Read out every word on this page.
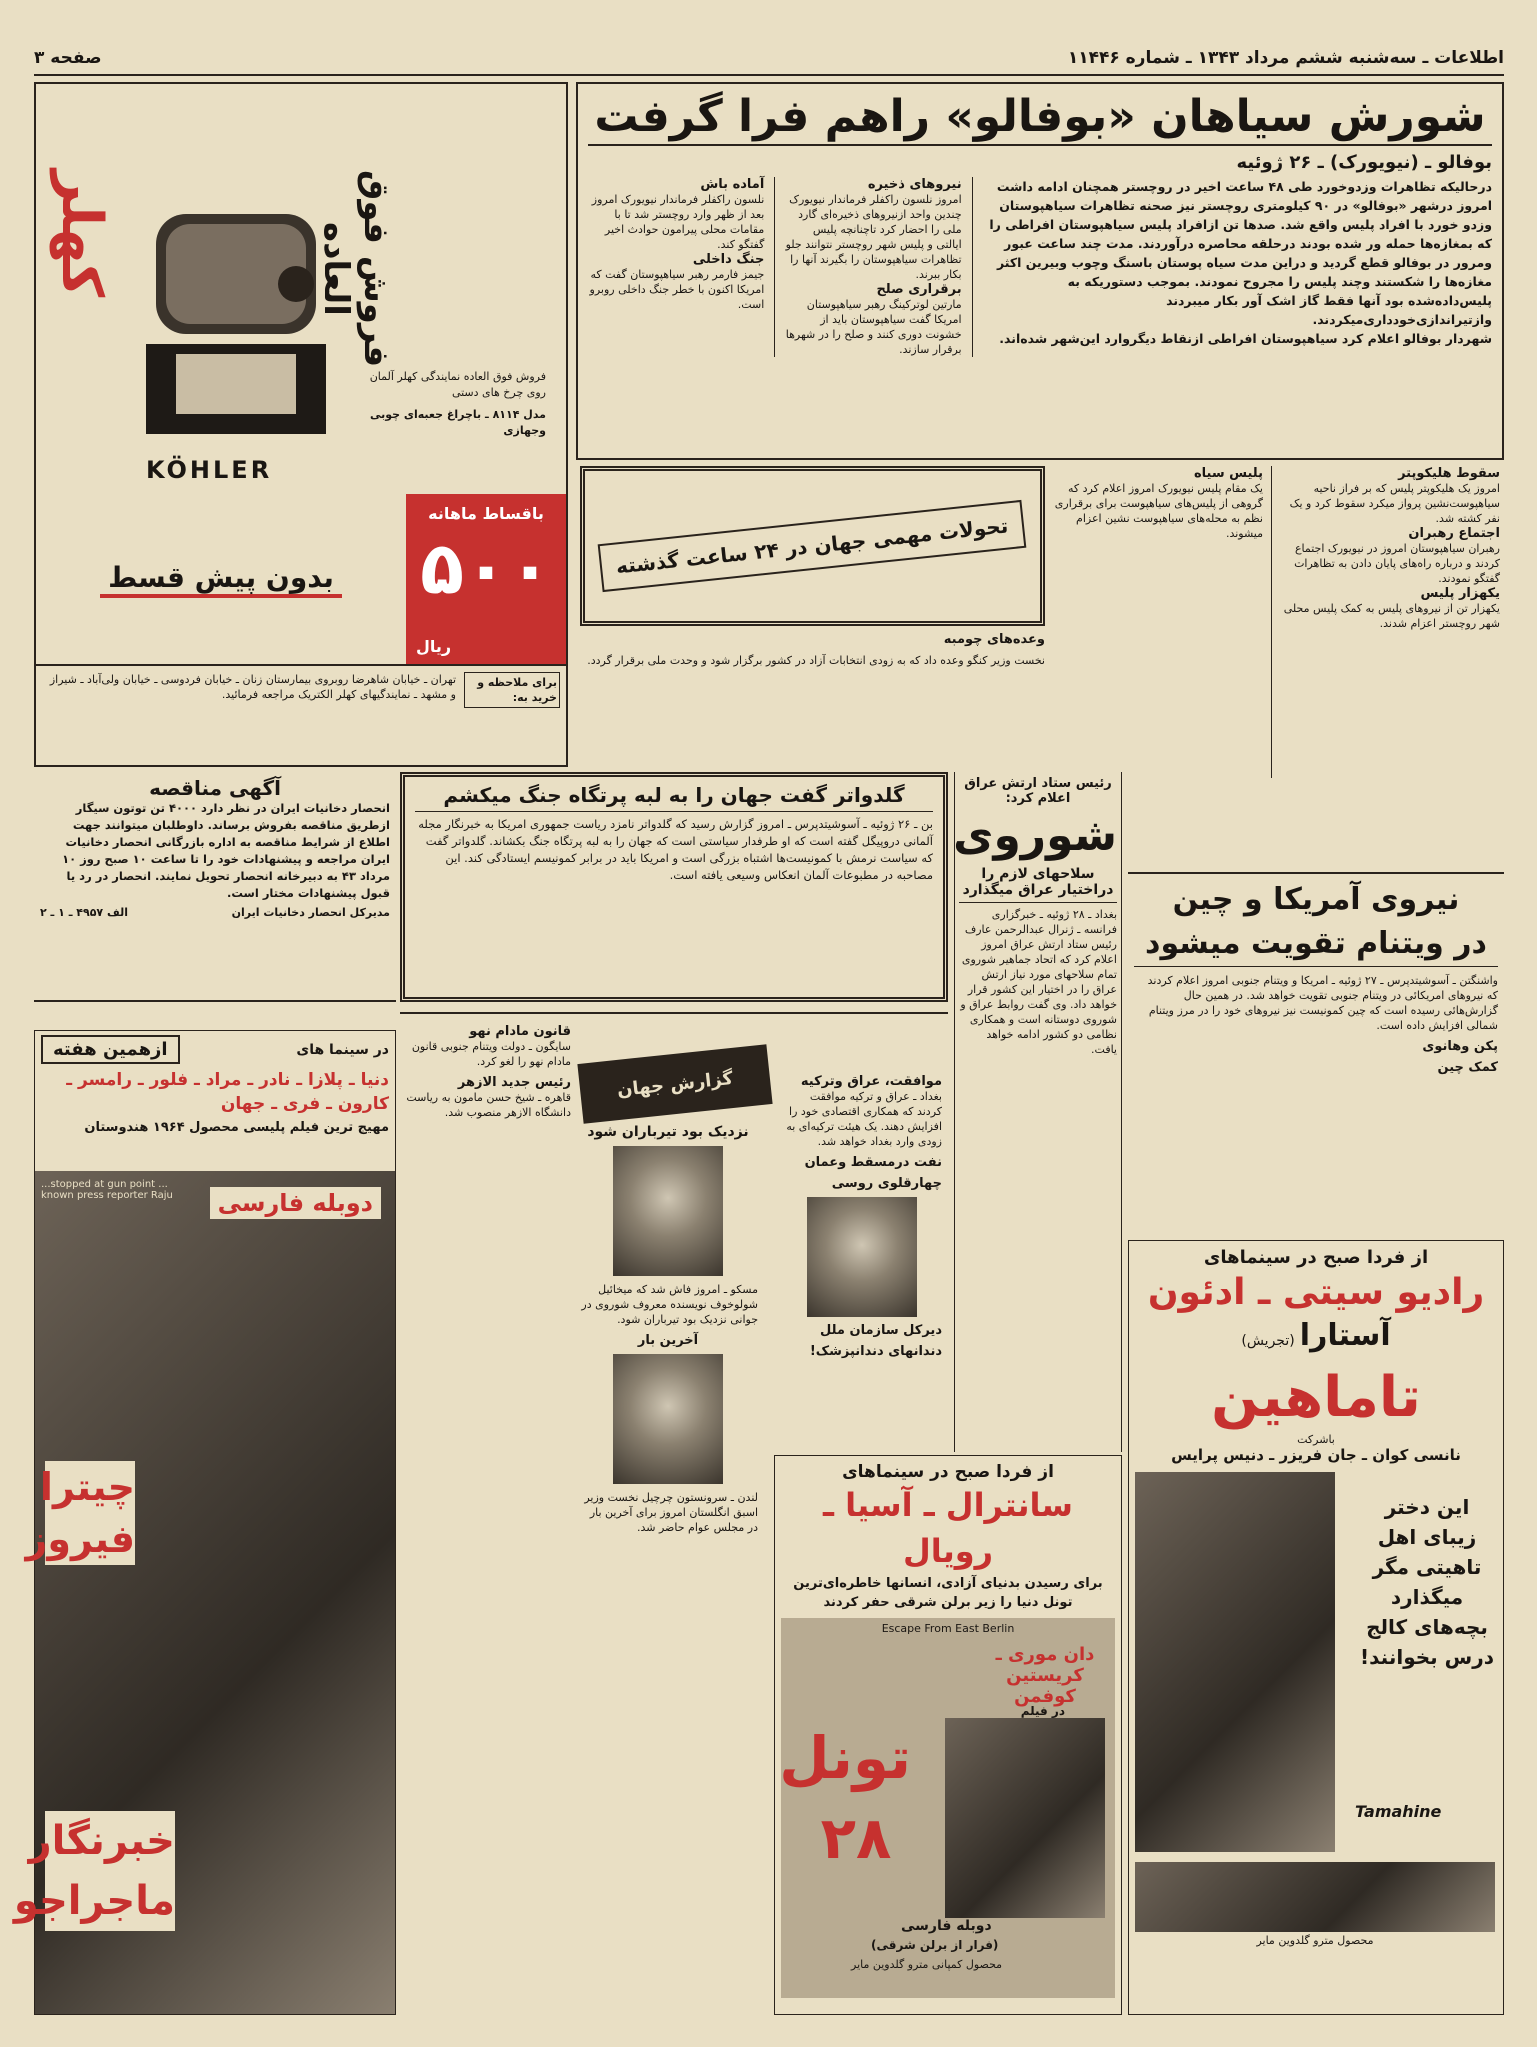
صفحه ۳	اطلاعات ـ سه‌شنبه ششم مرداد ۱۳۴۳ ـ شماره ۱۱۴۴۶
شورش سیاهان «بوفالو» راهم فرا گرفت
بوفالو ـ (نیویورک) ـ ۲۶ ژوئیه
درحالیکه تظاهرات وزدوخورد طی ۴۸ ساعت اخیر در روچستر همچنان ادامه داشت امروز درشهر «بوفالو» در ۹۰ کیلومتری روچستر نیز صحنه تظاهرات سیاهپوستان وزدو خورد با افراد پلیس واقع شد. صدها تن ازافراد پلیس سیاهپوستان افراطی را که بمغازه‌ها حمله ور شده بودند درحلقه محاصره درآوردند. مدت چند ساعت عبور ومرور در بوفالو قطع گردید و دراین مدت سیاه پوستان باسنگ وچوب وبیرین اکثر مغازه‌ها را شکستند وچند پلیس را مجروح نمودند. بموجب دستوریکه به پلیس‌داده‌شده بود آنها فقط گاز اشک آور بکار میبردند وازتیراندازی‌خودداری‌میکردند.
شهردار بوفالو اعلام کرد سیاهپوستان افراطی ازنقاط دیگروارد این‌شهر شده‌اند.
نیروهای ذخیره
امروز نلسون راکفلر فرماندار نیویورک چندین واحد ازنیروهای ذخیره‌ای گارد ملی را احضار کرد تاچنانچه پلیس ایالتی و پلیس شهر روچستر نتوانند جلو تظاهرات سیاهپوستان را بگیرند آنها را بکار ببرند.
برقراری صلح
مارتین لوترکینگ رهبر سیاهپوستان امریکا گفت سیاهپوستان باید از خشونت دوری کنند و صلح را در شهرها برقرار سازند.
آماده باش
نلسون راکفلر فرماندار نیویورک امروز بعد از ظهر وارد روچستر شد تا با مقامات محلی پیرامون حوادث اخیر گفتگو کند.
جنگ داخلی
جیمز فارمر رهبر سیاهپوستان گفت که امریکا اکنون با خطر جنگ داخلی روبرو است.
سقوط هلیکوپتر
امروز یک هلیکوپتر پلیس که بر فراز ناحیه سیاهپوست‌نشین پرواز میکرد سقوط کرد و یک نفر کشته شد.
اجتماع رهبران
رهبران سیاهپوستان امروز در نیویورک اجتماع کردند و درباره راه‌های پایان دادن به تظاهرات گفتگو نمودند.
یکهزار پلیس
یکهزار تن از نیروهای پلیس به کمک پلیس محلی شهر روچستر اعزام شدند.
پلیس سیاه
یک مقام پلیس نیویورک امروز اعلام کرد که گروهی از پلیس‌های سیاهپوست برای برقراری نظم به محله‌های سیاهپوست نشین اعزام میشوند.
تحولات مهمی جهان در ۲۴ ساعت گذشته
وعده‌های چومبه
نخست وزیر کنگو وعده داد که به زودی انتخابات آزاد در کشور برگزار شود و وحدت ملی برقرار گردد.
کهلر	فروش فوق العاده
KÖHLER
فروش فوق العاده نمایندگی کهلر آلمان روی چرخ های دستی
مدل ۸۱۱۴ ـ باچراغ جعبه‌ای چوبی وجهازی
باقساط ماهانه
۵۰۰
ریال
بدون پیش قسط
برای ملاحظه و خرید به:
تهران ـ خیابان شاهرضا روبروی بیمارستان زنان ـ خیابان فردوسی ـ خیابان ولی‌آباد ـ شیراز و مشهد ـ نمایندگیهای کهلر الکتریک مراجعه فرمائید.
آگهی مناقصه
انحصار دخانیات ایران در نظر دارد ۴۰۰۰ تن توتون سیگار ازطریق مناقصه بفروش برساند. داوطلبان میتوانند جهت اطلاع از شرایط مناقصه به اداره بازرگانی انحصار دخانیات ایران مراجعه و پیشنهادات خود را تا ساعت ۱۰ صبح روز ۱۰ مرداد ۴۳ به دبیرخانه انحصار تحویل نمایند. انحصار در رد یا قبول پیشنهادات مختار است.
مدیرکل انحصار دخانیات ایران
الف ۴۹۵۷ ـ ۱ ـ ۲
گلدواتر گفت جهان را به لبه پرتگاه جنگ میکشم
بن ـ ۲۶ ژوئیه ـ آسوشیتدپرس ـ امروز گزارش رسید که گلدواتر نامزد ریاست جمهوری امریکا به خبرنگار مجله آلمانی دروپیگل گفته است که او طرفدار سیاستی است که جهان را به لبه پرتگاه جنگ بکشاند. گلدواتر گفت که سیاست نرمش با کمونیست‌ها اشتباه بزرگی است و امریکا باید در برابر کمونیسم ایستادگی کند. این مصاحبه در مطبوعات آلمان انعکاس وسیعی یافته است.
رئیس ستاد ارتش عراق اعلام کرد:
شوروی
سلاحهای لازم را دراختیار عراق میگذارد
بغداد ـ ۲۸ ژوئیه ـ خبرگزاری فرانسه ـ ژنرال عبدالرحمن عارف رئیس ستاد ارتش عراق امروز اعلام کرد که اتحاد جماهیر شوروی تمام سلاحهای مورد نیاز ارتش عراق را در اختیار این کشور قرار خواهد داد. وی گفت روابط عراق و شوروی دوستانه است و همکاری نظامی دو کشور ادامه خواهد یافت.
نیروی آمریکا و چین
در ویتنام تقویت میشود
واشنگتن ـ آسوشیتدپرس ـ ۲۷ ژوئیه ـ امریکا و ویتنام جنوبی امروز اعلام کردند که نیروهای امریکائی در ویتنام جنوبی تقویت خواهد شد. در همین حال گزارش‌هائی رسیده است که چین کمونیست نیز نیروهای خود را در مرز ویتنام شمالی افزایش داده است.
پکن وهانوی
کمک چین
گزارش جهان	موافقت، عراق وترکیه
بغداد ـ عراق و ترکیه موافقت کردند که همکاری اقتصادی خود را افزایش دهند. یک هیئت ترکیه‌ای به زودی وارد بغداد خواهد شد.
نفت درمسقط وعمان
چهارقلوی روسی
دیرکل سازمان ملل
دندانهای دندانپزشک!
نزدیک بود تیرباران شود
مسکو ـ امروز فاش شد که میخائیل شولوخوف نویسنده معروف شوروی در جوانی نزدیک بود تیرباران شود.
آخرین بار
لندن ـ سرونستون چرچیل نخست وزیر اسبق انگلستان امروز برای آخرین بار در مجلس عوام حاضر شد.
قانون مادام نهو
سایگون ـ دولت ویتنام جنوبی قانون مادام نهو را لغو کرد.
رئیس جدید الازهر
قاهره ـ شیخ حسن مامون به ریاست دانشگاه الازهر منصوب شد.
در سینما های
ازهمین هفته
دنیا ـ پلازا ـ نادر ـ مراد ـ فلور ـ رامسر ـ کارون ـ فری ـ جهان
مهیج ترین فیلم پلیسی محصول ۱۹۶۴ هندوستان
دوبله فارسی
...stopped at gun point ... known press reporter Raju
چیترا فیروز
خبرنگار ماجراجو
از فردا صبح در سینماهای
سانترال ـ آسیا ـ رویال
برای رسیدن بدنیای آزادی، انسانها خاطره‌ای‌ترین تونل دنیا را زیر برلن شرقی حفر کردند
Escape From East Berlin
دان موری ـ کریستین کوفمن
در فیلم
تونل ۲۸
دوبله فارسی
(فرار از برلن شرقی)
محصول کمپانی مترو گلدوین مایر
از فردا صبح در سینماهای
رادیو سیتی ـ ادئون
آستارا (تجریش)
تاماهین
باشرکت
نانسی کوان ـ جان فریزر ـ دنیس پرایس
این دختر زیبای اهل تاهیتی مگر میگذارد بچه‌های کالج درس بخوانند!
Tamahine
محصول مترو گلدوین مایر
